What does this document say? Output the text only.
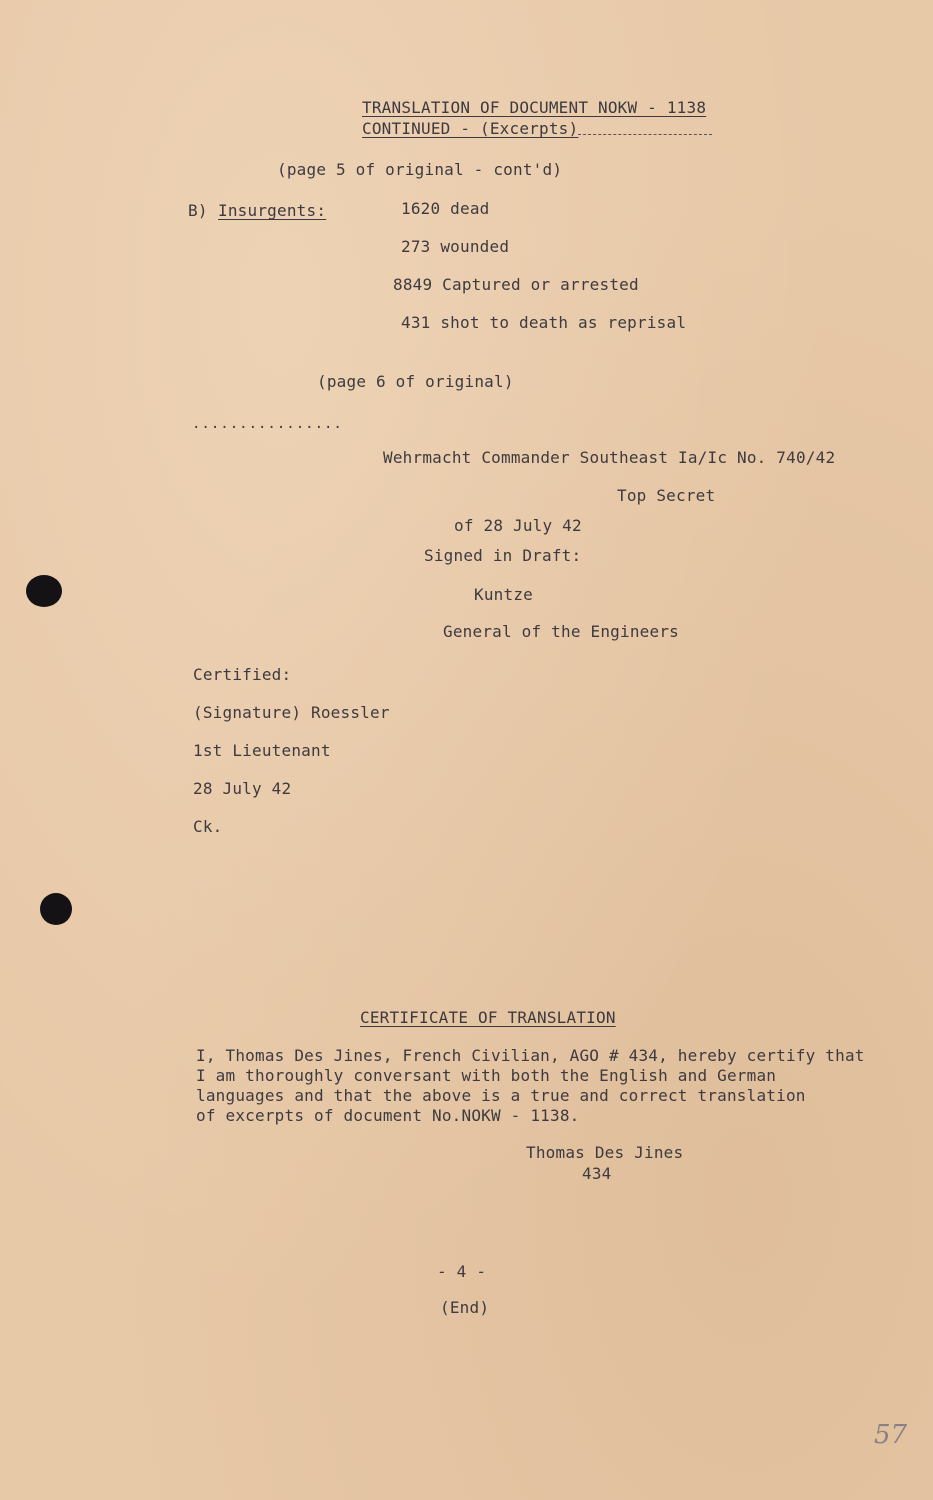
TRANSLATION OF DOCUMENT NOKW - 1138
CONTINUED - (Excerpts)
(page 5 of original - cont'd)
B) Insurgents:	1620 dead
273 wounded
8849 Captured or arrested
431 shot to death as reprisal
(page 6 of original)
................
Wehrmacht Commander Southeast Ia/Ic No. 740/42
Top Secret
of 28 July 42
Signed in Draft:
Kuntze
General of the Engineers
Certified:
(Signature) Roessler
1st Lieutenant
28 July 42
Ck.
CERTIFICATE OF TRANSLATION
I, Thomas Des Jines, French Civilian, AGO # 434, hereby certify that
I am thoroughly conversant with both the English and German
languages and that the above is a true and correct translation
of excerpts of document No.NOKW - 1138.
Thomas Des Jines
434
- 4 -
(End)
57
